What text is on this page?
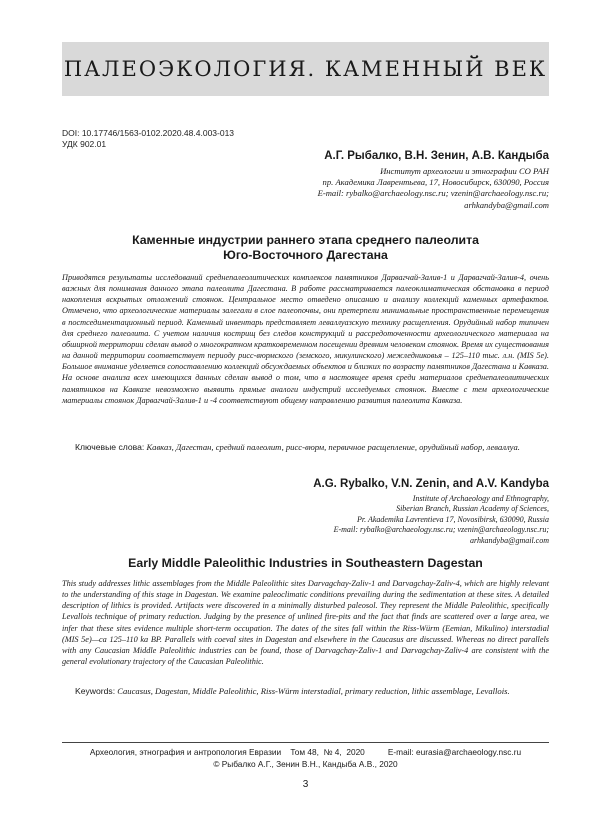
ПАЛЕОЭКОЛОГИЯ. КАМЕННЫЙ ВЕК
DOI: 10.17746/1563-0102.2020.48.4.003-013
УДК 902.01
А.Г. Рыбалко, В.Н. Зенин, А.В. Кандыба
Институт археологии и этнографии СО РАН
пр. Академика Лаврентьева, 17, Новосибирск, 630090, Россия
E-mail: rybalko@archaeology.nsc.ru; vzenin@archaeology.nsc.ru;
arhkandyba@gmail.com
Каменные индустрии раннего этапа среднего палеолита
Юго-Восточного Дагестана
Приводятся результаты исследований среднепалеолитических комплексов памятников Дарвагчай-Залив-1 и Дарвагчай-Залив-4, очень важных для понимания данного этапа палеолита Дагестана. В работе рассматривается палеоклиматическая обстановка в период накопления вскрытых отложений стоянок. Центральное место отведено описанию и анализу коллекций каменных артефактов. Отмечено, что археологические материалы залегали в слое палеопочвы, они претерпели минимальные пространственные перемещения в постседиментационный период. Каменный инвентарь представляет леваллуазскую технику расщепления. Орудийный набор типичен для среднего палеолита. С учетом наличия кострищ без следов конструкций и рассредоточенности археологического материала на обширной территории сделан вывод о многократном кратковременном посещении древним человеком стоянок. Время их существования на данной территории соответствует периоду рисс-вюрмского (земского, микулинского) межледниковья – 125–110 тыс. л.н. (MIS 5e). Большое внимание уделяется сопоставлению коллекций обсуждаемых объектов и близких по возрасту памятников Дагестана и Кавказа. На основе анализа всех имеющихся данных сделан вывод о том, что в настоящее время среди материалов среднепалеолитических памятников на Кавказе невозможно выявить прямые аналоги индустрий исследуемых стоянок. Вместе с тем археологические материалы стоянок Дарвагчай-Залив-1 и -4 соответствуют общему направлению развития палеолита Кавказа.
Ключевые слова: Кавказ, Дагестан, средний палеолит, рисс-вюрм, первичное расщепление, орудийный набор, леваллуа.
A.G. Rybalko, V.N. Zenin, and A.V. Kandyba
Institute of Archaeology and Ethnography,
Siberian Branch, Russian Academy of Sciences,
Pr. Akademika Lavrentieva 17, Novosibirsk, 630090, Russia
E-mail: rybalko@archaeology.nsc.ru; vzenin@archaeology.nsc.ru;
arhkandyba@gmail.com
Early Middle Paleolithic Industries in Southeastern Dagestan
This study addresses lithic assemblages from the Middle Paleolithic sites Darvagchay-Zaliv-1 and Darvagchay-Zaliv-4, which are highly relevant to the understanding of this stage in Dagestan. We examine paleoclimatic conditions prevailing during the sedimentation at these sites. A detailed description of lithics is provided. Artifacts were discovered in a minimally disturbed paleosol. They represent the Middle Paleolithic, specifically Levallois technique of primary reduction. Judging by the presence of unlined fire-pits and the fact that finds are scattered over a large area, we infer that these sites evidence multiple short-term occupation. The dates of the sites fall within the Riss-Würm (Eemian, Mikulino) interstadial (MIS 5e)—ca 125–110 ka BP. Parallels with coeval sites in Dagestan and elsewhere in the Caucasus are discussed. Whereas no direct parallels with any Caucasian Middle Paleolithic industries can be found, those of Darvagchay-Zaliv-1 and Darvagchay-Zaliv-4 are consistent with the general evolutionary trajectory of the Caucasian Paleolithic.
Keywords: Caucasus, Dagestan, Middle Paleolithic, Riss-Würm interstadial, primary reduction, lithic assemblage, Levallois.
Археология, этнография и антропология Евразии Том 48, № 4, 2020	E-mail: eurasia@archaeology.nsc.ru
© Рыбалко А.Г., Зенин В.Н., Кандыба А.В., 2020
3
